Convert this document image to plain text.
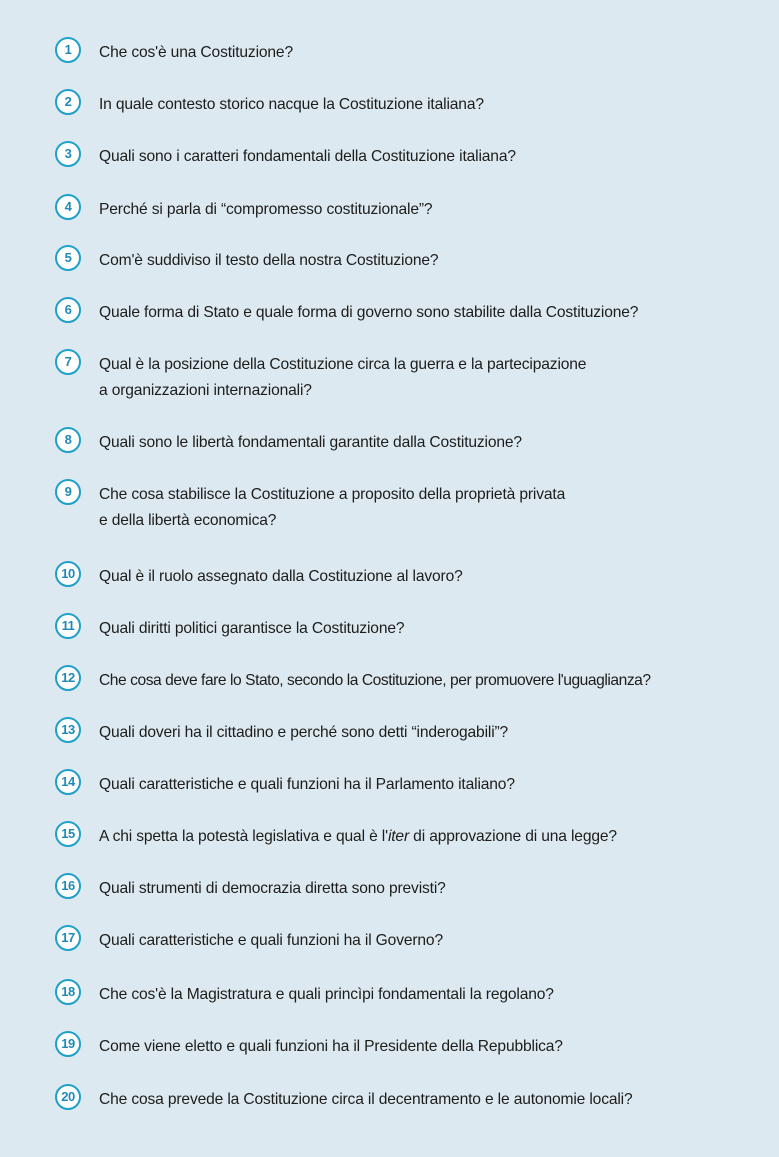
1	Che cos'è una Costituzione?
2	In quale contesto storico nacque la Costituzione italiana?
3	Quali sono i caratteri fondamentali della Costituzione italiana?
4	Perché si parla di “compromesso costituzionale”?
5	Com'è suddiviso il testo della nostra Costituzione?
6	Quale forma di Stato e quale forma di governo sono stabilite dalla Costituzione?
7	Qual è la posizione della Costituzione circa la guerra e la partecipazione
a organizzazioni internazionali?
8	Quali sono le libertà fondamentali garantite dalla Costituzione?
9	Che cosa stabilisce la Costituzione a proposito della proprietà privata
e della libertà economica?
10	Qual è il ruolo assegnato dalla Costituzione al lavoro?
11	Quali diritti politici garantisce la Costituzione?
12	Che cosa deve fare lo Stato, secondo la Costituzione, per promuovere l'uguaglianza?
13	Quali doveri ha il cittadino e perché sono detti “inderogabili”?
14	Quali caratteristiche e quali funzioni ha il Parlamento italiano?
15	A chi spetta la potestà legislativa e qual è l'iter di approvazione di una legge?
16	Quali strumenti di democrazia diretta sono previsti?
17	Quali caratteristiche e quali funzioni ha il Governo?
18	Che cos'è la Magistratura e quali princìpi fondamentali la regolano?
19	Come viene eletto e quali funzioni ha il Presidente della Repubblica?
20	Che cosa prevede la Costituzione circa il decentramento e le autonomie locali?
